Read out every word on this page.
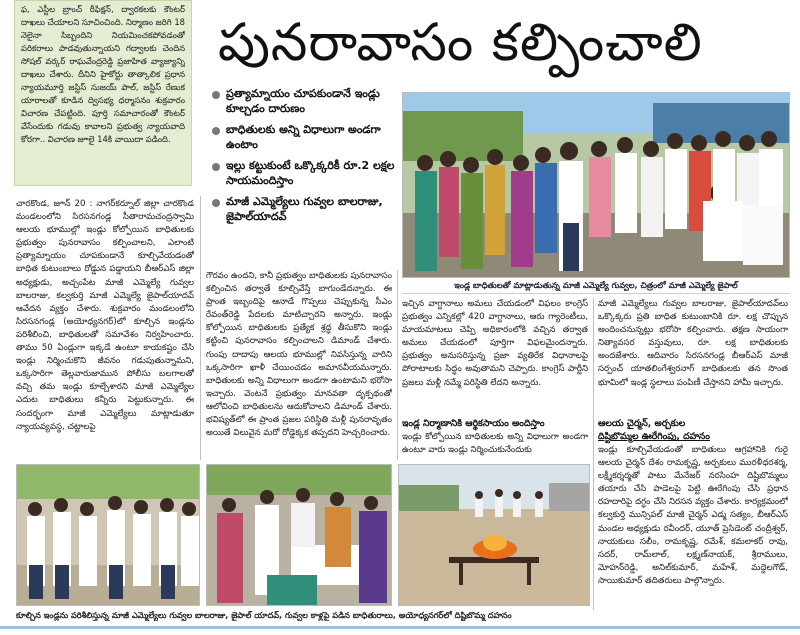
ఫ, ఎస్టీల బ్రాంచ్‌ రీఫిక్షన్‌, ద్వారకలకు కౌంటర్‌ దాఖలు చేయాలని సూచించింది. నిర్మాణం జరిగి 18 నెలైనా సిబ్బందిని నియమించకపోవడంతో పరికరాలు పాడవుతున్నాయని గద్వాలకు చెందిన సోషల్‌ వర్కర్‌ రాఘవేంద్రరెడ్డి ప్రజాహిత వ్యాజ్యాన్ని దాఖలు చేశారు. దీనిని హైకోర్టు తాత్కాలిక ప్రధాన న్యాయమూర్తి జస్టిస్‌ సుజయ్‌ పాల్‌, జస్టిస్‌ రేణుక యారాలతో కూడిన ద్విసభ్య ధర్మాసనం శుక్రవారం విచారణ చేపట్టింది. పూర్తి సమాచారంతో కౌంటర్‌ వేసేందుకు గడువు కావాలని ప్రభుత్వ న్యాయవాది కోరగా.. విచారణ జూలై 14కి వాయిదా పడింది.
పునరావాసం కల్పించాలి
ప్రత్యామ్నాయం చూపకుండానే ఇండ్లు కూల్చడం దారుణం
బాధితులకు అన్ని విధాలుగా అండగా ఉంటాం
ఇల్లు కట్టుకుంటే ఒక్కొక్కరికీ రూ.2 లక్షల సాయమందిస్తాం
మాజీ ఎమ్మెల్యేలు గువ్వల బాలరాజు, జైపాల్‌యాదవ్‌
ఇండ్ల బాధితులతో మాట్లాడుతున్న మాజీ ఎమ్మెల్యే గువ్వల, చిత్రంలో మాజీ ఎమ్మెల్యే జైపాల్‌
చారకొండ, జూన్‌ 20 : నాగర్‌కర్నూల్‌ జిల్లా చారకొండ మండలంలోని సిరసనగండ్ల సీతారామచంద్రస్వామి ఆలయ భూముల్లో ఇండ్లు కోల్పోయిన బాధితులకు ప్రభుత్వం పునరావాసం కల్పించాలని, ఎలాంటి ప్రత్యామ్నాయం చూపకుండానే కూల్చివేయడంతో బాధిత కుటుంబాలు రోడ్డున పడ్డాయని బీఆర్‌ఎస్‌ జిల్లా అధ్యక్షుడు, అచ్చంపేట మాజీ ఎమ్మెల్యే గువ్వల బాలరాజు, కల్వకుర్తి మాజీ ఎమ్మెల్యే జైపాల్‌యాదవ్‌ ఆవేదన వ్యక్తం చేశారు. శుక్రవారం మండలంలోని సిరసనగండ్ల (అయోధ్యనగర్‌)లో కూల్చిన ఇండ్లను పరిశీలించి, బాధితులతో సమావేశం నిర్వహించారు. తాము 50 ఏండ్లుగా ఇక్కడే ఉంటూ కాయకష్టం చేసి ఇండ్లు నిర్మించుకొని జీవనం గడుపుతున్నామని, ఒక్కసారిగా తెల్లవారుజామున పోలీసు బలగాలతో వచ్చి తమ ఇండ్లు కూల్చేశారని మాజీ ఎమ్మెల్యేల ఎదుట బాధితులు కన్నీరు పెట్టుకున్నారు. ఈ సందర్భంగా మాజీ ఎమ్మెల్యేలు మాట్లాడుతూ న్యాయవ్యవస్థ, చట్టాలపై
గౌరవం ఉందని, కానీ ప్రభుత్వం బాధితులకు పునరావాసం కల్పించిన తర్వాతే కూల్చివేస్తే బాగుండేదన్నారు. ఈ ప్రాంత ఇబ్బందిపై ఆనాడే గొప్పలు చెప్పుకున్న సీఎం రేవంత్‌రెడ్డి పేదలకు మాటిచ్చారని అన్నారు. ఇండ్లు కోల్పోయిన బాధితులకు ప్రత్యేక శ్రద్ధ తీసుకొని ఇండ్లు కట్టించి పునరావాసం కల్పించాలని డిమాండ్‌ చేశారు. గుంపు దాదాపు ఆలయ భూముల్లో నివసిస్తున్న వారిని ఒక్కసారిగా ఖాళీ చేయించడం అమానవీయమన్నారు. బాధితులకు అన్ని విధాలుగా అండగా ఉంటామని భరోసా ఇచ్చారు. వెంటనే ప్రభుత్వం మానవతా దృక్పథంతో ఆలోచించి బాధితులను ఆదుకోవాలని డిమాండ్‌ చేశారు. భవిష్యత్‌లో ఈ ప్రాంత ప్రజల పరిస్థితి మళ్లీ పునరావృతం అయితే విలువైన మరో రోడ్డెక్కక తప్పదని హెచ్చరించారు.
ఇచ్చిన వాగ్దానాలు అమలు చేయడంలో విఫలం కాంగ్రెస్‌ ప్రభుత్వం ఎన్నికల్లో 420 వాగ్దానాలు, ఆరు గ్యారెంటీలు, మాయమాటలు చెప్పి అధికారంలోకి వచ్చిన తర్వాత అమలు చేయడంలో పూర్తిగా విఫలమైందన్నారు. ప్రభుత్వం అనుసరిస్తున్న ప్రజా వ్యతిరేక విధానాలపై పోరాటాలకు సిద్ధం అవుతామని చెప్పారు. కాంగ్రెస్‌ పార్టీని ప్రజలు మళ్లీ నమ్మే పరిస్థితి లేదని అన్నారు.
ఇండ్ల నిర్మాణానికి ఆర్థికసాయం అందిస్తాం
ఇండ్లు కోల్పోయిన బాధితులకు అన్ని విధాలుగా అండగా ఉంటూ వారు ఇండ్లు నిర్మించుకునేందుకు
మాజీ ఎమ్మెల్యేలు గువ్వల బాలరాజు, జైపాల్‌యాదవ్‌లు ఒక్కొక్కరు ప్రతి బాధిత కుటుంబానికి రూ. లక్ష చొప్పున అందించనున్నట్లు భరోసా కల్పించారు. తక్షణ సాయంగా నిత్యావసర వస్తువులు, రూ. లక్ష బాధితులకు అందజేశారు. ఆదివారం సిరసనగండ్ల బీఆర్‌ఎస్‌ మాజీ సర్పంచ్‌ యాతలింగేశ్వరనాగ్‌ బాధితులకు తన సొంత భూమిలో ఇండ్ల స్థలాలు పంపిణీ చేస్తానని హామీ ఇచ్చారు.
ఆలయ చైర్మన్‌, అర్చకుల
దిష్టిబొమ్మల ఊరేగింపు, దహనం
ఇండ్లు కూల్చివేయడంతో బాధితులు ఆగ్రహానికి గురై ఆలయ చైర్మన్‌ దేశం రామకృష్ణ, అర్చకులు మురళీధరశర్మ, లక్ష్మీకర్శర్మతో పాటు మేనేజర్‌ నరసింహ దిష్టిబొమ్మలు తయారు చేసి పాడెలపై పెట్టి ఊరేగింపు చేసి ప్రధాన రహదారిపై దగ్ధం చేసి నిరసన వ్యక్తం చేశారు. కార్యక్రమంలో కల్వకుర్తి మున్సిపల్‌ మాజీ చైర్మన్‌ ఎడ్మ సత్యం, బీఆర్‌ఎస్‌ మండల అధ్యక్షుడు రవీందర్‌, యూత్‌ ప్రెసిడెంట్‌ చంద్రీశ్వర్‌, నాయకులు సలీం, రామకృష్ణ, రమేశ్‌, కమలాకర్‌ రావు, సదర్‌, రామ్‌లాల్‌, లక్ష్మణ్‌నాయక్‌, శ్రీరాములు, మోహన్‌రెడ్డి, అనిల్‌కుమార్‌, మహేశ్‌, మద్దెలగౌడ్‌, సాయికుమార్‌ తదితరులు పాల్గొన్నారు.
కూల్చిన ఇండ్లను పరిశీలిస్తున్న మాజీ ఎమ్మెల్యేలు గువ్వల బాలరాజు, జైపాల్‌ యాదవ్‌, గువ్వల కాళ్లపై పడిన బాధితురాలు, అయోధ్యనగర్‌లో దిష్టిబొమ్మ దహనం
